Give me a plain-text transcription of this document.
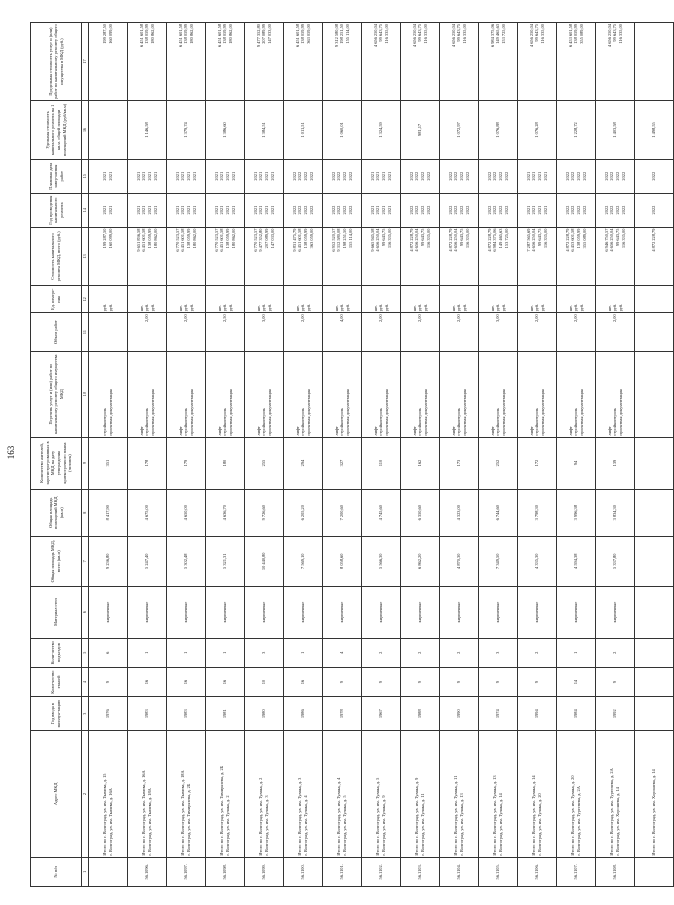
163
№ п/п	Адрес МКД	Год ввода в эксплуа-тацию	Коли-чество этажей	Коли-чество подъездов	Материал стен	Общая площадь МКД, всего (кв.м)	Общая площадь помещений МКД (кв.м)	Количество жителей, зарегистри-рованных в МКД на дату утверждения краткосрочного плана (человек)	Перечень услуг и (или) работ по капитальному ремонту общего имущества МКД	Объем работ	Ед. измере-ния	Стоимость капитального ремонта МКД, всего (руб.)	Год проведения капитального ремонта	Плановая дата завер-шения работ	Удельная стоимость капитального ремонта на 1 кв.м. общей площади помещений МКД (руб/кв.м)	Предельная стоимость услуг и (или) работ по капитальному ремонту общего имущества в МКД (руб.)
1	2	3	4	5	6	7	8	9	10	11	12	13	14	15	16	17

	Итого по г. Волгоград, ул. им. Ткачева, д. 15 г. Волгоград, ул. им. Ткачева, д. 16А	1976	9	6	кирпичные	9 236,80	8 417,90	351	стройконтроль проектная документация		руб. руб.	199 287,50 160 099,00	2021 2021	2021 2021		199 287,50 160 099,00

56.1096.	Итого по г. Волгоград, ул. им. Ткачева, д. 16А г. Волгоград, ул. им. Ткачева, д. 18А	1983	16	1	кирпичные	5 247,40	4 675,00	178	лифт стройконтроль проектная документация	2,00	шт. руб. руб.	9 651 836,58 6 451 601,58 138 059,99 180 862,00	2021 2021 2021 2021	2021 2021 2021 2021	1 146,58	6 451 601,58 138 059,99 180 862,00

56.1097.	Итого по г. Волгоград, ул. им. Ткачева, д. 18А г. Волгоград, ул. им. Тимирязева, д. 2Б	1983	16	1	кирпичные	5 302,48	4 650,00	179	лифт стройконтроль проектная документация	2,00	шт. руб. руб.	6 770 523,57 6 451 601,58 138 059,99 180 862,00	2021 2021 2021 2021	2021 2021 2021 2021	1 379,74	6 451 601,58 138 059,99 180 862,00

56.1098.	Итого по г. Волгоград, ул. им. Тимирязева, д. 2Б г. Волгоград, ул. им. Тулака, д. 2	1981	16	1	кирпичные	5 321,31	4 636,70	180	лифт стройконтроль проектная документация	2,50	шт. руб. руб.	6 770 523,57 6 451 601,58 138 059,99 180 862,00	2021 2021 2021 2021	2021 2021 2021 2021	1 386,60	6 451 601,58 138 059,99 180 862,00

56.1099.	Итого по г. Волгоград, ул. им. Тулака, д. 2 г. Волгоград, ул. им. Тулака, д. 3	1980	10	3	кирпичные	10 440,80	9 726,60	255	лифт стройконтроль проектная документация	3,00	шт. руб. руб.	6 770 523,57 9 477 352,80 207 089,99 147 033,00	2021 2021 2021 2021	2021 2021 2021 2021	1 384,51	9 477 352,80 207 089,99 147 033,00

56.1100.	Итого по г. Волгоград, ул. им. Тулака, д. 3 г. Волгоград, ул. им. Тулака, д. 4	1986	16	1	кирпичные	7 569,10	6 205,20	294	лифт стройконтроль проектная документация	2,00	шт. руб. руб.	9 831 475,79 6 451 601,58 138 059,99 363 059,00	2022 2022 2022 2022	2022 2022 2022 2022	1 011,51	6 451 601,58 138 059,99 363 059,00

56.1101.	Итого по г. Волгоград, ул. им. Тулака, д. 4 г. Волгоград, ул. им. Тулака, д. 5	1978	9	4	кирпичные	8 058,60	7 200,60	327	лифт стройконтроль проектная документация	4,00	шт. руб. руб.	6 952 520,57 9 312 580,08 198 251,50 155 114,00	2022 2022 2022 2022	2022 2022 2022 2022	1 060,01	9 312 580,08 198 251,50 155 114,00

56.1102.	Итого по г. Волгоград, ул. им. Тулака, д. 5 г. Волгоград, ул. им. Тулака, д. 9	1967	9	2	кирпичные	5 566,30	4 745,60	110	лифт стройконтроль проектная документация	2,00	шт. руб. руб.	9 665 945,58 4 656 250,04 99 643,75 116 335,00	2021 2021 2021 2021	2021 2021 2021 2021	1 324,59	4 656 250,04 99 643,75 116 335,00

56.1103.	Итого по г. Волгоград, ул. им. Тулака, д. 9 г. Волгоград, ул. им. Тулака, д. 11	1988	9	2	кирпичные	6 862,20	6 350,60	162	лифт стройконтроль проектная документация	2,00	шт. руб. руб.	4 872 228,79 4 656 250,04 99 643,75 116 335,00	2022 2022 2022 2022	2022 2022 2022 2022	981,17	4 656 250,04 99 643,75 116 335,00

56.1104.	Итого по г. Волгоград, ул. им. Тулака, д. 11 г. Волгоград, ул. им. Тулака, д. 13	1990	9	2	кирпичные	4 870,30	4 323,00	173	лифт стройконтроль проектная документация	2,00	шт. руб. руб.	4 872 228,79 4 656 250,04 99 643,75 116 335,00	2022 2022 2022 2022	2022 2022 2022 2022	1 072,97	4 656 250,04 99 643,75 116 335,00

56.1105.	Итого по г. Волгоград, ул. им. Тулака, д. 13 г. Волгоград, ул. им. Тулака, д. 14	1974	9	3	кирпичные	7 349,50	6 744,60	252	лифт стройконтроль проектная документация	3,00	шт. руб. руб.	4 872 228,79 6 984 375,06 149 465,63 153 725,00	2022 2022 2022 2022	2022 2022 2022 2022	1 076,88	6 984 375,06 149 465,63 153 725,00

56.1106.	Итого по г. Волгоград, ул. им. Тулака, д. 14 г. Волгоград, ул. им. Тулака, д. 20	1994	9	2	кирпичные	4 335,30	3 798,30	172	лифт стройконтроль проектная документация	2,00	шт. руб. руб.	7 287 565,69 4 656 250,04 99 643,75 116 335,00	2021 2021 2021 2021	2021 2021 2021 2021	1 076,28	4 656 250,04 99 643,75 116 335,00

56.1107.	Итого по г. Волгоград, ул. им. Тулака, д. 20 г. Волгоград, ул. им. Тургенева, д. 2А	1984	14	1	кирпичные	4 594,38	3 996,38	94	лифт стройконтроль проектная документация	2,00	шт. руб. руб.	4 872 228,79 6 453 601,58 138 059,99 355 089,00	2022 2022 2022 2022	2022 2022 2022 2022	1 228,72	6 453 601,58 138 059,99 355 089,00

56.1108.	Итого по г. Волгоград, ул. им. Тургенева, д. 2А г. Волгоград, ул. им. Хорошева, д. 14	1992	9	2	кирпичные	5 337,80	3 834,30	139	лифт стройконтроль проектная документация	2,00	шт. руб. руб.	6 946 750,57 4 656 250,04 99 643,75 116 335,00	2022 2022 2022 2022	2022 2022 2022 2022	1 403,58	4 656 250,04 99 643,75 116 335,00

	Итого по г. Волгоград, ул. им. Хорошева, д. 14											4 872 228,79	2022	2022	1 498,55	
